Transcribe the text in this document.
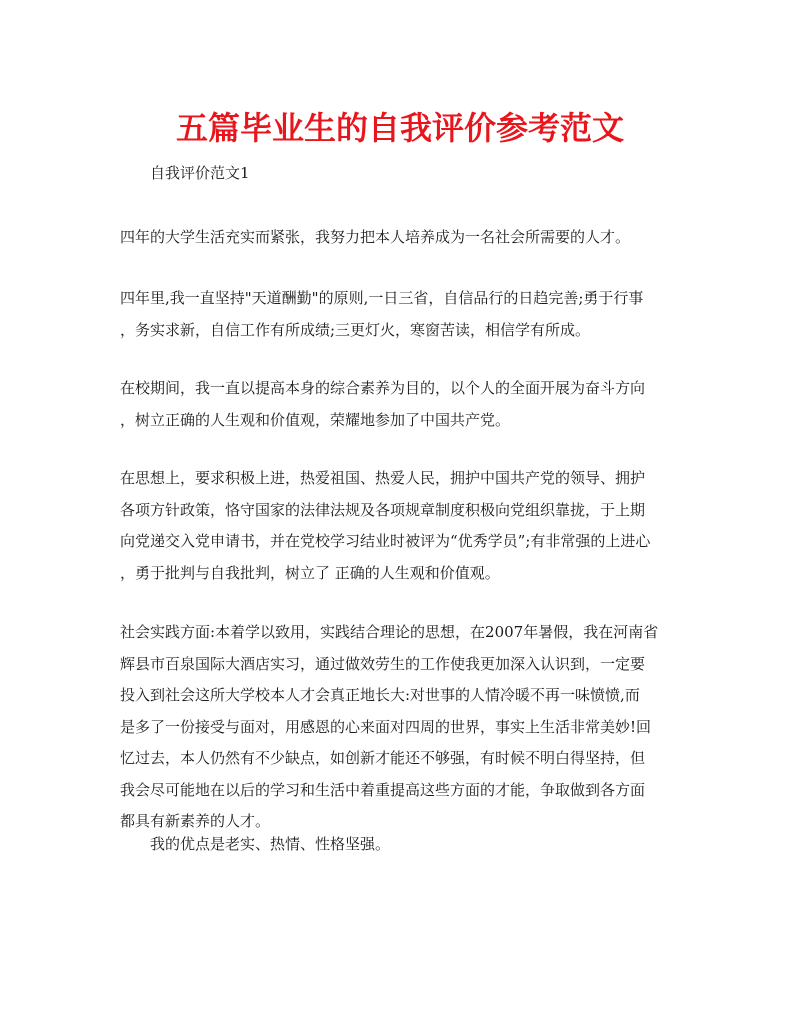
五篇毕业生的自我评价参考范文
自我评价范文1
四年的大学生活充实而紧张，我努力把本人培养成为一名社会所需要的人才。
四年里,我一直坚持"天道酬勤"的原则,一日三省，自信品行的日趋完善;勇于行事
，务实求新，自信工作有所成绩;三更灯火，寒窗苦读，相信学有所成。
在校期间，我一直以提高本身的综合素养为目的，以个人的全面开展为奋斗方向
，树立正确的人生观和价值观，荣耀地参加了中国共产党。
在思想上，要求积极上进，热爱祖国、热爱人民，拥护中国共产党的领导、拥护
各项方针政策，恪守国家的法律法规及各项规章制度积极向党组织靠拢，于上期
向党递交入党申请书，并在党校学习结业时被评为“优秀学员”;有非常强的上进心
，勇于批判与自我批判，树立了 正确的人生观和价值观。
社会实践方面:本着学以致用，实践结合理论的思想，在2007年暑假，我在河南省
辉县市百泉国际大酒店实习，通过做效劳生的工作使我更加深入认识到，一定要
投入到社会这所大学校本人才会真正地长大:对世事的人情冷暖不再一味愤愤,而
是多了一份接受与面对，用感恩的心来面对四周的世界，事实上生活非常美妙!回
忆过去，本人仍然有不少缺点，如创新才能还不够强，有时候不明白得坚持，但
我会尽可能地在以后的学习和生活中着重提高这些方面的才能，争取做到各方面
都具有新素养的人才。
我的优点是老实、热情、性格坚强。
